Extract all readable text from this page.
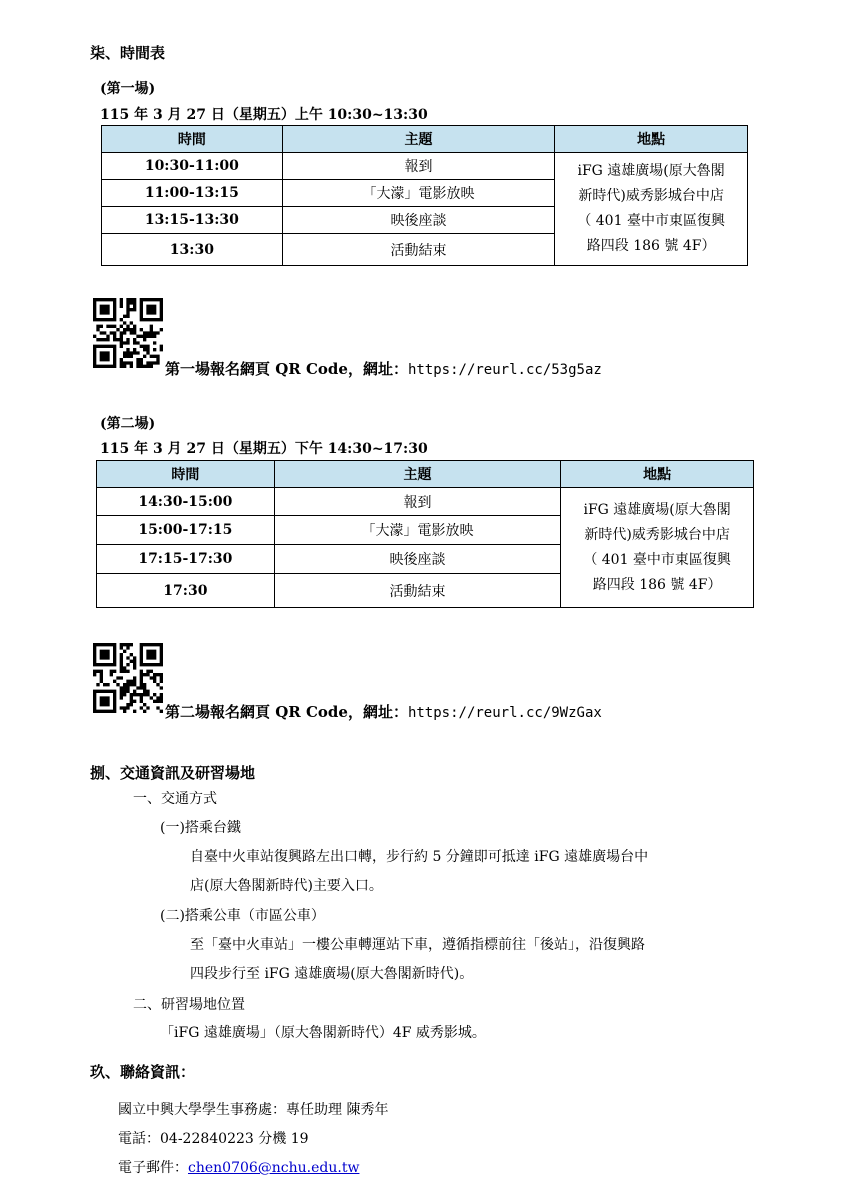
柒、時間表
(第一場)
115 年 3 月 27 日（星期五）上午 10:30~13:30
時間	主題	地點
10:30-11:00	報到	iFG 遠雄廣場(原大魯閣
新時代)威秀影城台中店
（ 401 臺中市東區復興
路四段 186 號 4F）

11:00-13:15	「大濛」電影放映	
13:15-13:30	映後座談	
13:30	活動結束	
第一場報名網頁 QR Code，網址：https://reurl.cc/53g5az
(第二場)
115 年 3 月 27 日（星期五）下午 14:30~17:30
時間	主題	地點
14:30-15:00	報到	iFG 遠雄廣場(原大魯閣
新時代)威秀影城台中店
（ 401 臺中市東區復興
路四段 186 號 4F）

15:00-17:15	「大濛」電影放映	
17:15-17:30	映後座談	
17:30	活動結束	
第二場報名網頁 QR Code，網址：https://reurl.cc/9WzGax
捌、交通資訊及研習場地
一、交通方式
(一)搭乘台鐵
自臺中火車站復興路左出口轉，步行約 5 分鐘即可抵達 iFG 遠雄廣場台中
店(原大魯閣新時代)主要入口。
(二)搭乘公車（市區公車）
至「臺中火車站」一樓公車轉運站下車，遵循指標前往「後站」，沿復興路
四段步行至 iFG 遠雄廣場(原大魯閣新時代)。
二、研習場地位置
「iFG 遠雄廣場」（原大魯閣新時代）4F 威秀影城。
玖、聯絡資訊：
國立中興大學學生事務處：專任助理 陳秀年
電話：04-22840223 分機 19
電子郵件：chen0706@nchu.edu.tw
